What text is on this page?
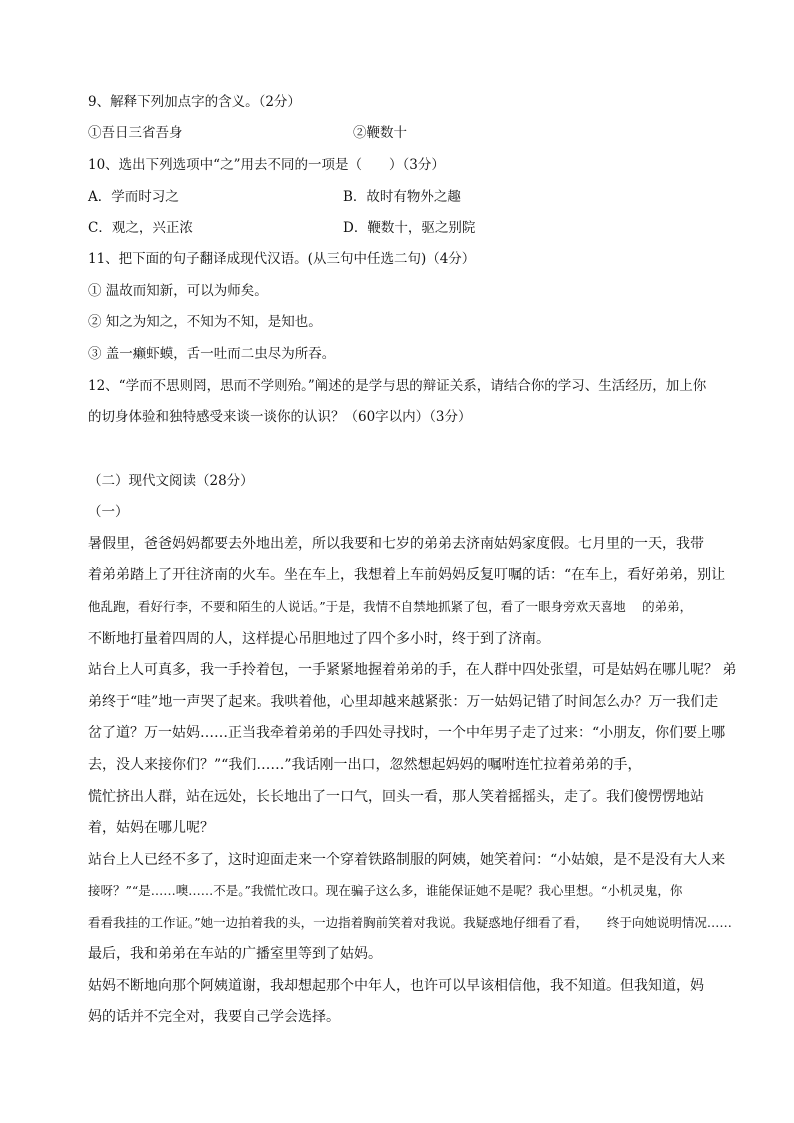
9、解释下列加点字的含义。（2分）
①吾日三省吾身	②鞭数十
10、选出下列选项中“之”用去不同的一项是（　　）（3分）
A．学而时习之	B．故时有物外之趣
C．观之，兴正浓	D．鞭数十，驱之别院
11、把下面的句子翻译成现代汉语。(从三句中任选二句)（4分）
① 温故而知新，可以为师矣。
② 知之为知之，不知为不知，是知也。
③ 盖一癞虾蟆，舌一吐而二虫尽为所吞。
12、“学而不思则罔，思而不学则殆。”阐述的是学与思的辩证关系，请结合你的学习、生活经历，加上你
的切身体验和独特感受来谈一谈你的认识？（60字以内）（3分）
（二）现代文阅读（28分）
（一）
暑假里，爸爸妈妈都要去外地出差，所以我要和七岁的弟弟去济南姑妈家度假。七月里的一天，我带
着弟弟踏上了开往济南的火车。坐在车上，我想着上车前妈妈反复叮嘱的话：“在车上，看好弟弟，别让
他乱跑，看好行李，不要和陌生的人说话。”于是，我情不自禁地抓紧了包，看了一眼身旁欢天喜地　 的弟弟，
不断地打量着四周的人，这样提心吊胆地过了四个多小时，终于到了济南。
站台上人可真多，我一手拎着包，一手紧紧地握着弟弟的手，在人群中四处张望，可是姑妈在哪儿呢？ 弟
弟终于“哇”地一声哭了起来。我哄着他，心里却越来越紧张：万一姑妈记错了时间怎么办？万一我们走
岔了道？万一姑妈……正当我牵着弟弟的手四处寻找时，一个中年男子走了过来：“小朋友，你们要上哪
去，没人来接你们？”“我们……”我话刚一出口，忽然想起妈妈的嘱咐连忙拉着弟弟的手，
慌忙挤出人群，站在远处，长长地出了一口气，回头一看，那人笑着摇摇头，走了。我们傻愣愣地站
着，姑妈在哪儿呢？
站台上人已经不多了，这时迎面走来一个穿着铁路制服的阿姨，她笑着问：“小姑娘，是不是没有大人来
接呀？”“是……噢……不是。”我慌忙改口。现在骗子这么多，谁能保证她不是呢？我心里想。“小机灵鬼，你
看看我挂的工作证。”她一边拍着我的头，一边指着胸前笑着对我说。我疑惑地仔细看了看，　　终于向她说明情况……
最后，我和弟弟在车站的广播室里等到了姑妈。
姑妈不断地向那个阿姨道谢，我却想起那个中年人，也许可以早该相信他，我不知道。但我知道，妈
妈的话并不完全对，我要自己学会选择。
